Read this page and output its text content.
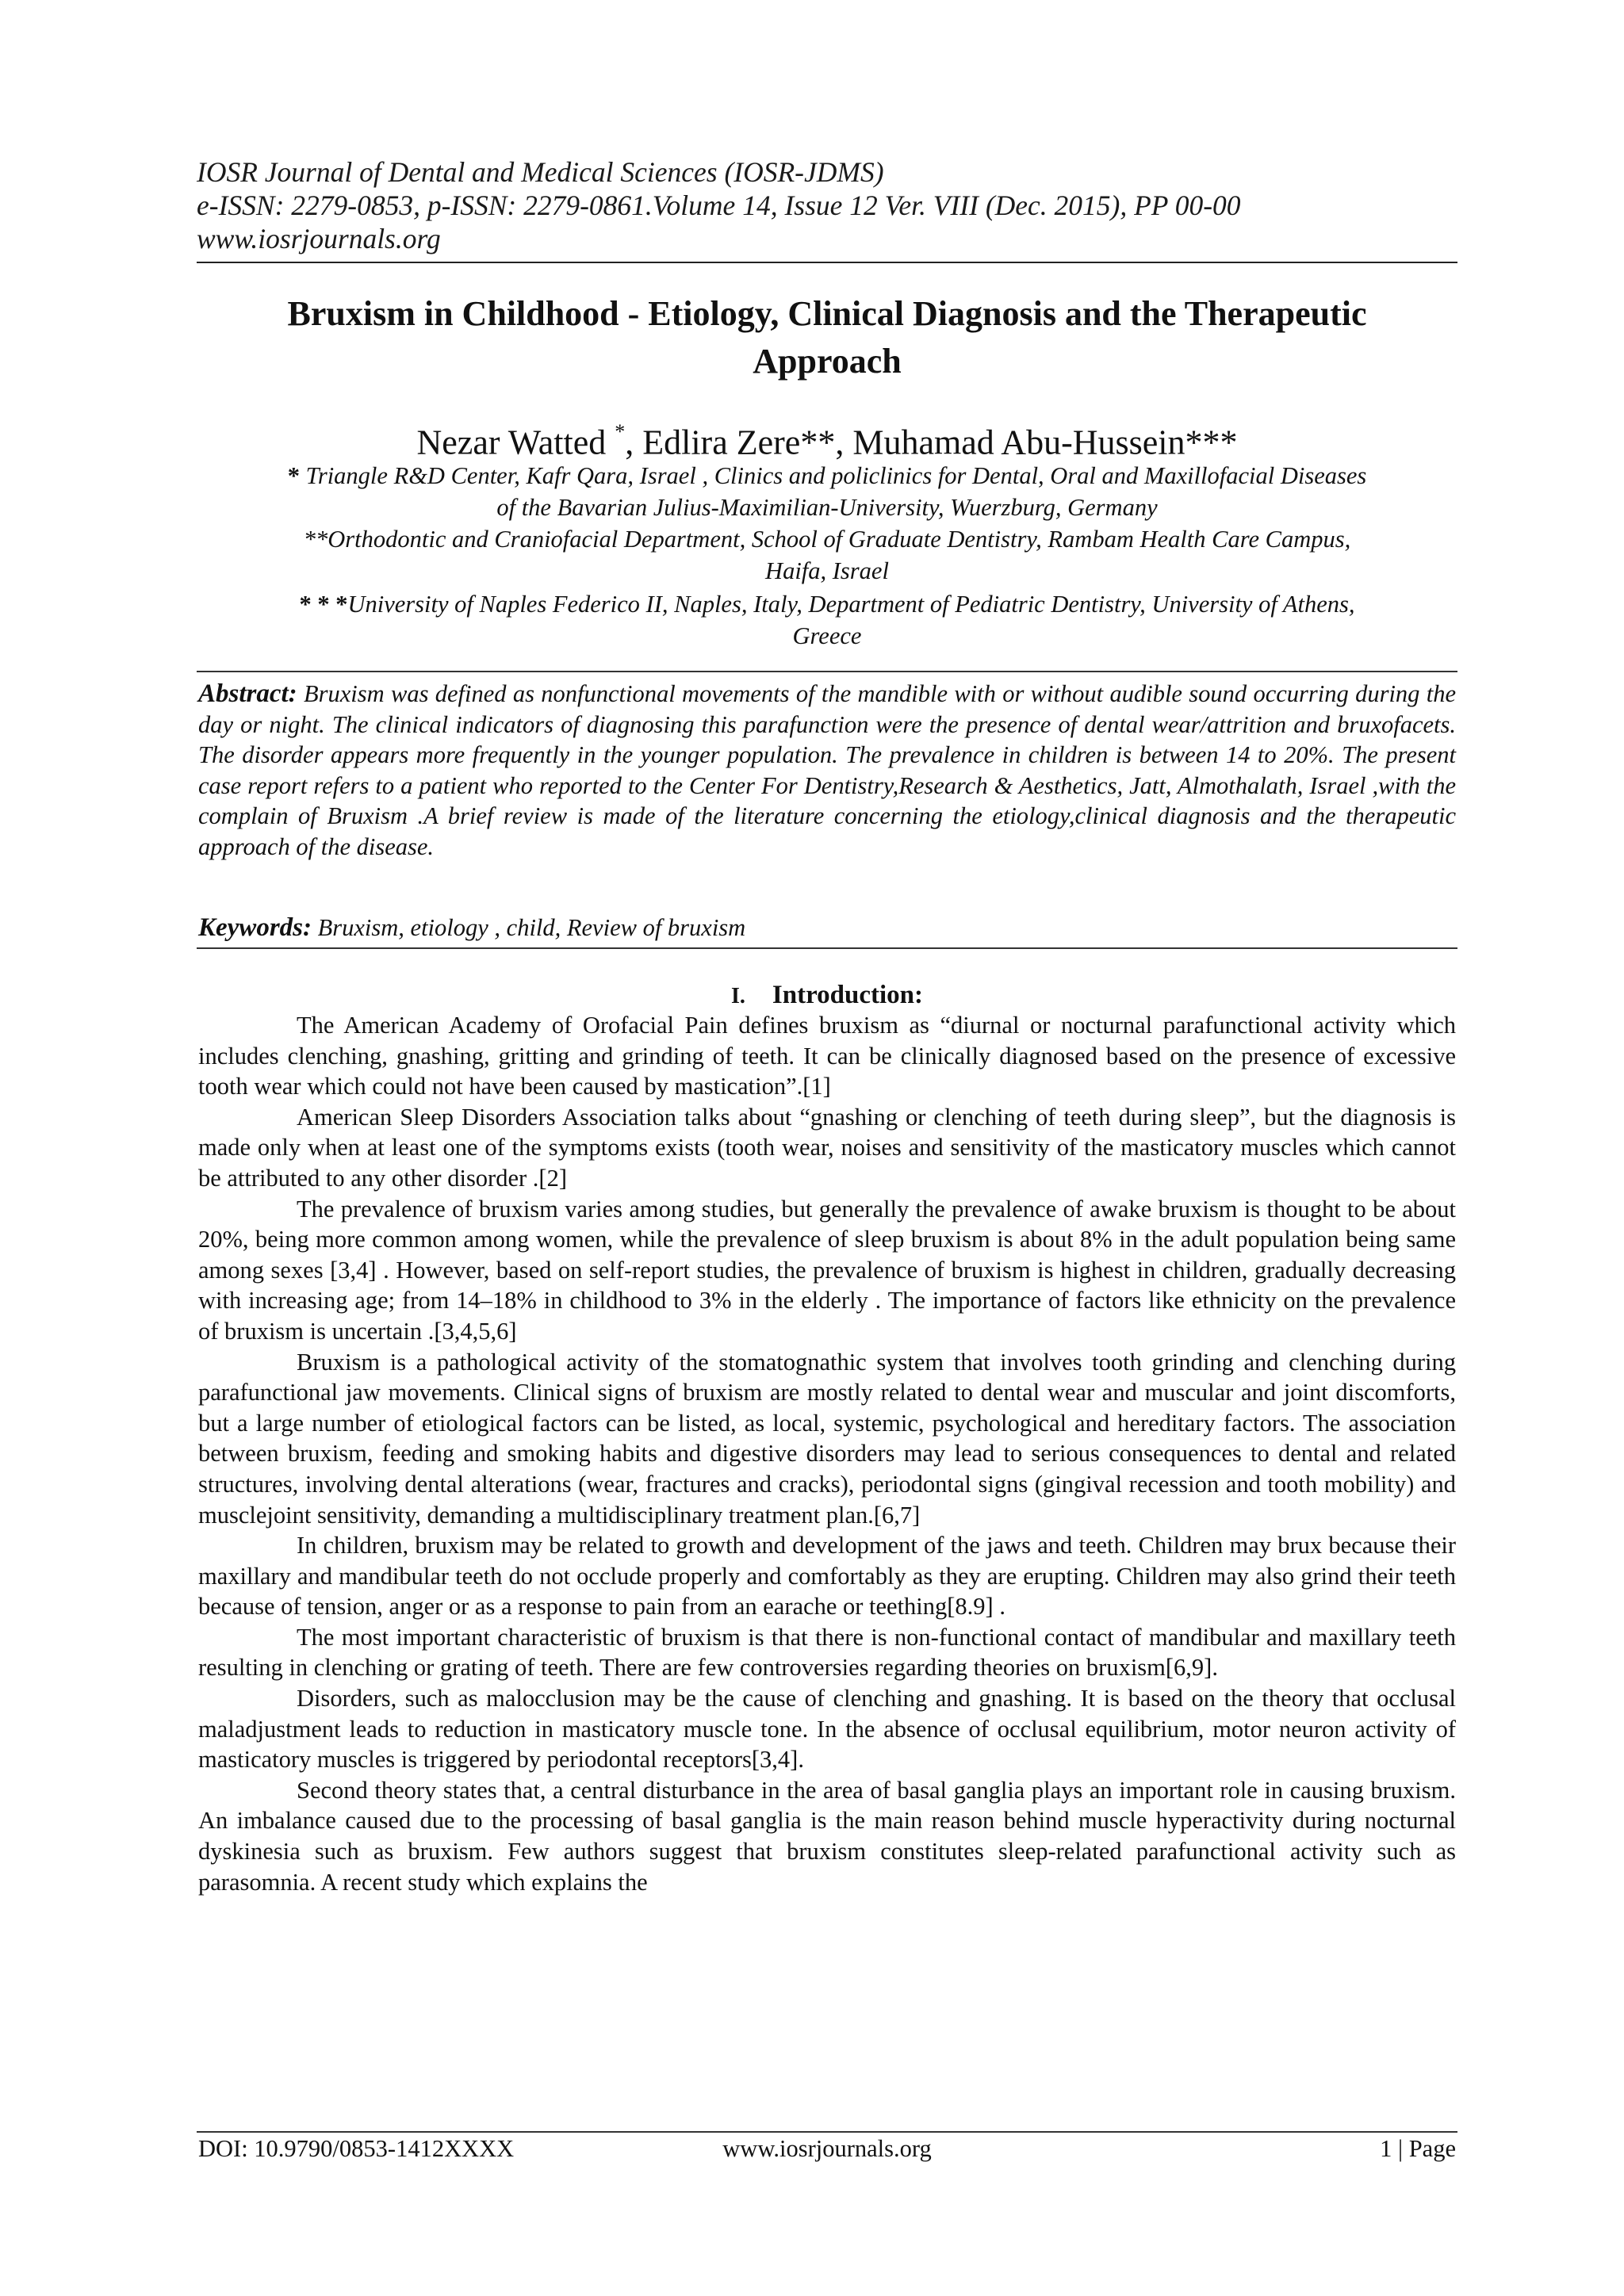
IOSR Journal of Dental and Medical Sciences (IOSR-JDMS)
e-ISSN: 2279-0853, p-ISSN: 2279-0861.Volume 14, Issue 12 Ver. VIII (Dec. 2015), PP 00-00
www.iosrjournals.org
Bruxism in Childhood - Etiology, Clinical Diagnosis and the Therapeutic
Approach
Nezar Watted *, Edlira Zere**, Muhamad Abu-Hussein***
* Triangle R&D Center, Kafr Qara, Israel , Clinics and policlinics for Dental, Oral and Maxillofacial Diseases
of the Bavarian Julius-Maximilian-University, Wuerzburg, Germany
**Orthodontic and Craniofacial Department, School of Graduate Dentistry, Rambam Health Care Campus,
Haifa, Israel
* * *University of Naples Federico II, Naples, Italy, Department of Pediatric Dentistry, University of Athens,
Greece
Abstract: Bruxism was defined as nonfunctional movements of the mandible with or without audible sound occurring during the day or night. The clinical indicators of diagnosing this parafunction were the presence of dental wear/attrition and bruxofacets. The disorder appears more frequently in the younger population. The prevalence in children is between 14 to 20%. The present case report refers to a patient who reported to the Center For Dentistry,Research & Aesthetics, Jatt, Almothalath, Israel ,with the complain of Bruxism .A brief review is made of the literature concerning the etiology,clinical diagnosis and the therapeutic approach of the disease.
Keywords: Bruxism, etiology , child, Review of bruxism
I. Introduction:

The American Academy of Orofacial Pain defines bruxism as “diurnal or nocturnal parafunctional activity which includes clenching, gnashing, gritting and grinding of teeth. It can be clinically diagnosed based on the presence of excessive tooth wear which could not have been caused by mastication”.[1]

American Sleep Disorders Association talks about “gnashing or clenching of teeth during sleep”, but the diagnosis is made only when at least one of the symptoms exists (tooth wear, noises and sensitivity of the masticatory muscles which cannot be attributed to any other disorder .[2]

The prevalence of bruxism varies among studies, but generally the prevalence of awake bruxism is thought to be about 20%, being more common among women, while the prevalence of sleep bruxism is about 8% in the adult population being same among sexes [3,4] . However, based on self-report studies, the prevalence of bruxism is highest in children, gradually decreasing with increasing age; from 14–18% in childhood to 3% in the elderly . The importance of factors like ethnicity on the prevalence of bruxism is uncertain .[3,4,5,6]

Bruxism is a pathological activity of the stomatognathic system that involves tooth grinding and clenching during parafunctional jaw movements. Clinical signs of bruxism are mostly related to dental wear and muscular and joint discomforts, but a large number of etiological factors can be listed, as local, systemic, psychological and hereditary factors. The association between bruxism, feeding and smoking habits and digestive disorders may lead to serious consequences to dental and related structures, involving dental alterations (wear, fractures and cracks), periodontal signs (gingival recession and tooth mobility) and musclejoint sensitivity, demanding a multidisciplinary treatment plan.[6,7]

In children, bruxism may be related to growth and development of the jaws and teeth. Children may brux because their maxillary and mandibular teeth do not occlude properly and comfortably as they are erupting. Children may also grind their teeth because of tension, anger or as a response to pain from an earache or teething[8.9] .

The most important characteristic of bruxism is that there is non-functional contact of mandibular and maxillary teeth resulting in clenching or grating of teeth. There are few controversies regarding theories on bruxism[6,9].

Disorders, such as malocclusion may be the cause of clenching and gnashing. It is based on the theory that occlusal maladjustment leads to reduction in masticatory muscle tone. In the absence of occlusal equilibrium, motor neuron activity of masticatory muscles is triggered by periodontal receptors[3,4].

Second theory states that, a central disturbance in the area of basal ganglia plays an important role in causing bruxism. An imbalance caused due to the processing of basal ganglia is the main reason behind muscle hyperactivity during nocturnal dyskinesia such as bruxism. Few authors suggest that bruxism constitutes sleep-related parafunctional activity such as parasomnia. A recent study which explains the

DOI: 10.9790/0853-1412XXXX	www.iosrjournals.org	1 | Page
